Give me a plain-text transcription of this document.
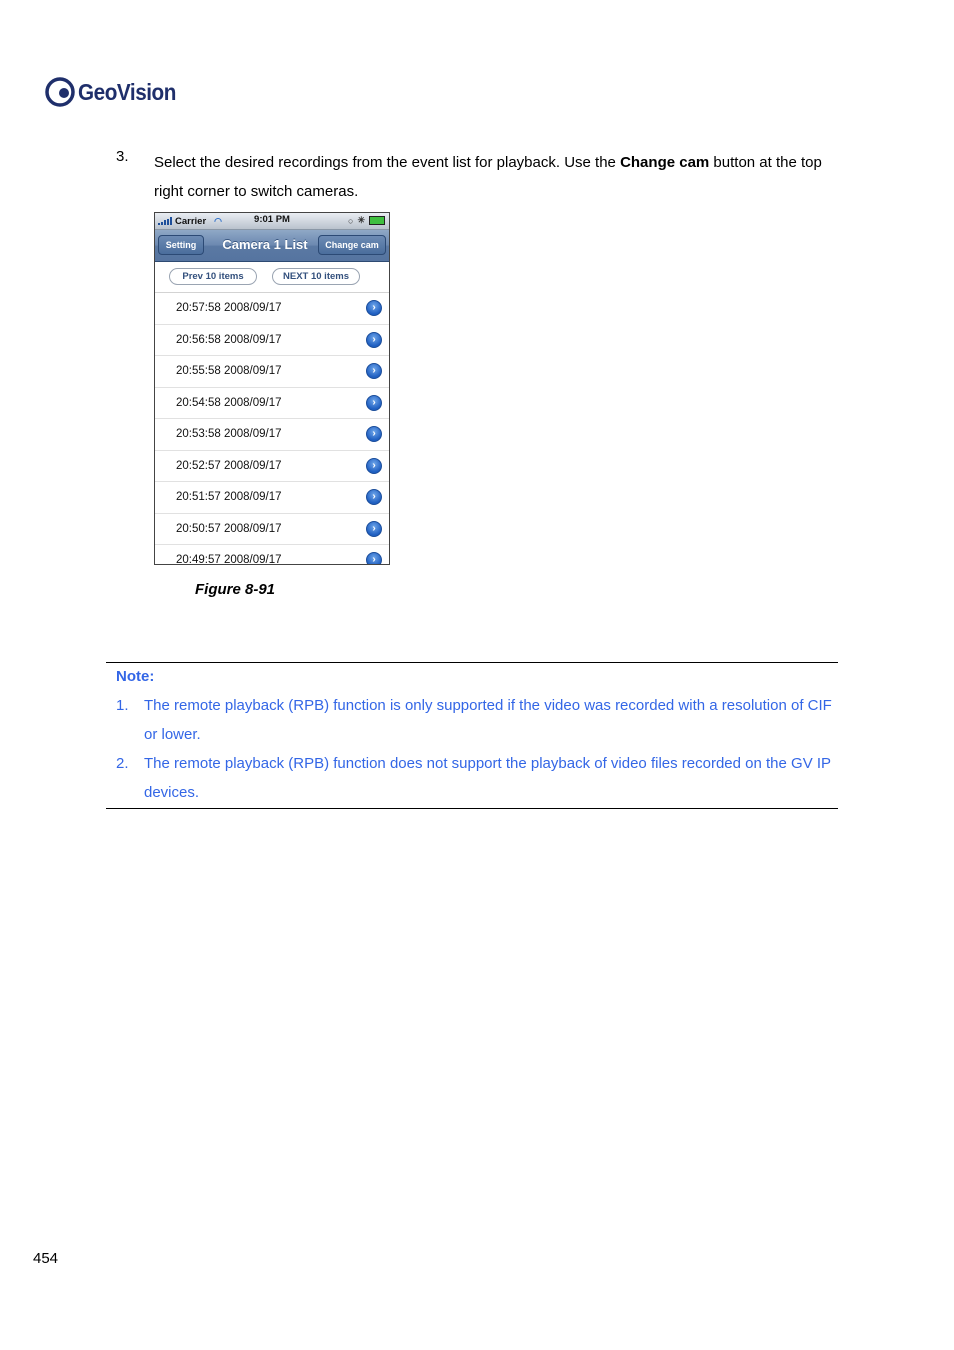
GeoVision
3. Select the desired recordings from the event list for playback. Use the Change cam button at the top right corner to switch cameras.
Carrier ◠	9:01 PM	○ ✳
Setting	Camera 1 List	Change cam
Prev 10 items	NEXT 10 items
20:57:58 2008/09/17	›
20:56:58 2008/09/17	›
20:55:58 2008/09/17	›
20:54:58 2008/09/17	›
20:53:58 2008/09/17	›
20:52:57 2008/09/17	›
20:51:57 2008/09/17	›
20:50:57 2008/09/17	›
20:49:57 2008/09/17	›
Figure 8-91
Note:
1. The remote playback (RPB) function is only supported if the video was recorded with a resolution of CIF or lower.
2. The remote playback (RPB) function does not support the playback of video files recorded on the GV IP devices.
454
